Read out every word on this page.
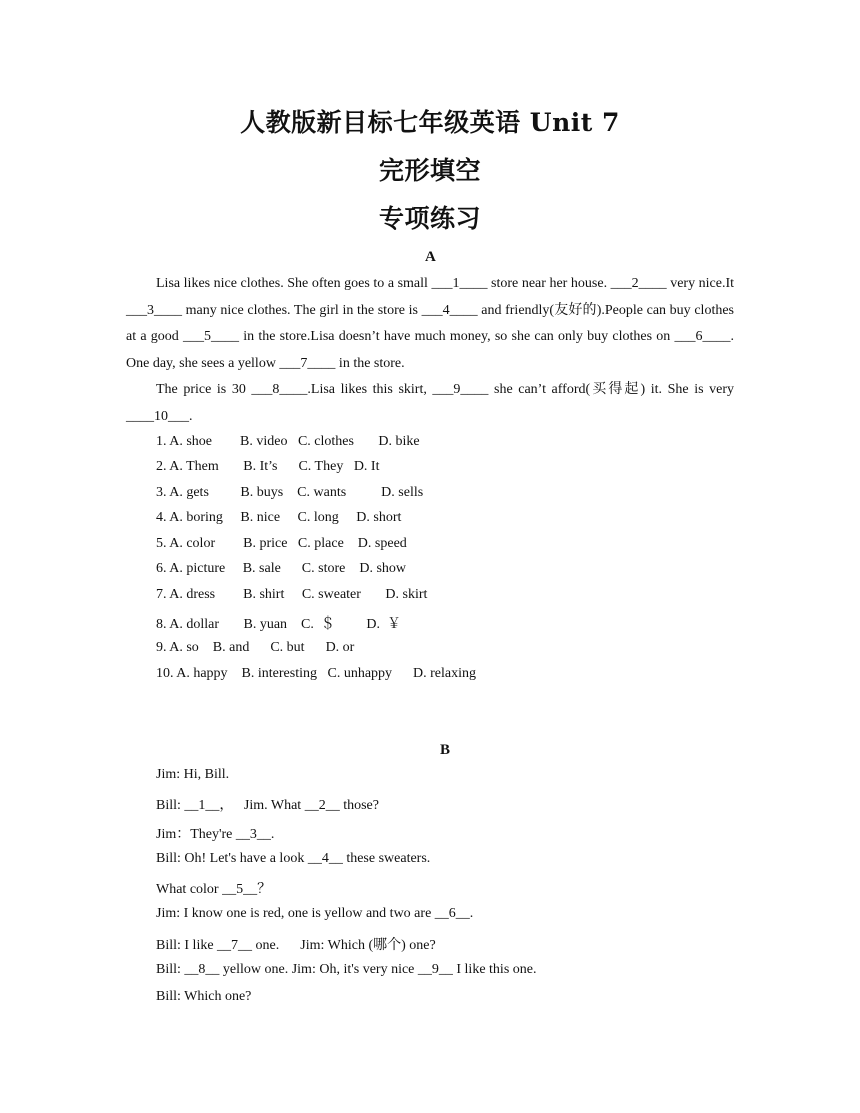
人教版新目标七年级英语 Unit 7
完形填空
专项练习
A

Lisa likes nice clothes. She often goes to a small ___1____ store near her house. ___2____ very nice.It ___3____ many nice clothes. The girl in the store is ___4____ and friendly(友好的).People can buy clothes at a good ___5____ in the store.Lisa doesn’t have much money, so she can only buy clothes on ___6____. One day, she sees a yellow ___7____ in the store.

The price is 30 ___8____.Lisa likes this skirt, ___9____ she can’t afford(买得起) it. She is very ____10___.

1. A. shoe        B. video   C. clothes       D. bike

2. A. Them       B. It’s      C. They   D. It

3. A. gets         B. buys    C. wants          D. sells

4. A. boring     B. nice     C. long     D. short

5. A. color        B. price   C. place    D. speed

6. A. picture     B. sale      C. store    D. show

7. A. dress        B. shirt     C. sweater       D. skirt

8. A. dollar       B. yuan    C.  ＄         D.  ￥

9. A. so    B. and      C. but      D. or

10. A. happy    B. interesting   C. unhappy      D. relaxing

B

Jim: Hi, Bill.

Bill: __1__，   Jim. What __2__ those?

Jim：They're __3__.

Bill: Oh! Let's have a look __4__ these sweaters.

What color __5__？

Jim: I know one is red, one is yellow and two are __6__.

Bill: I like __7__ one.      Jim: Which (哪个) one?

Bill: __8__ yellow one. Jim: Oh, it's very nice __9__ I like this one.

Bill: Which one?
